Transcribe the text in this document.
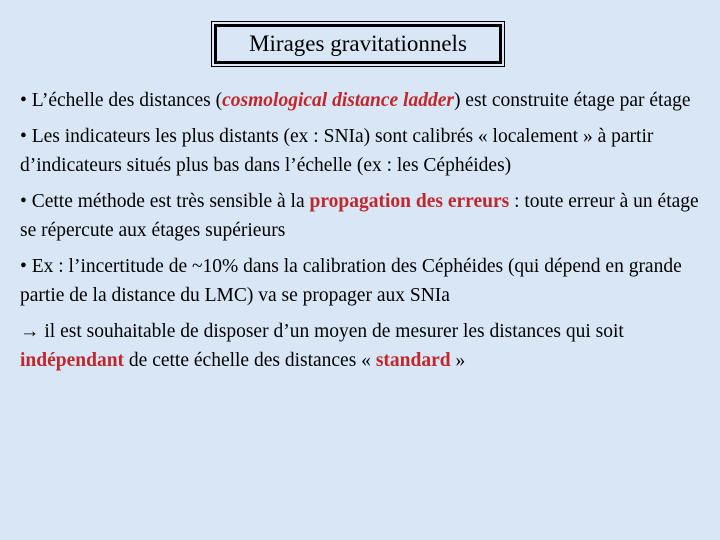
Mirages gravitationnels

• L’échelle des distances (cosmological distance ladder) est construite étage par étage

• Les indicateurs les plus distants (ex : SNIa) sont calibrés « localement » à partir d’indicateurs situés plus bas dans l’échelle (ex : les Céphéides)

• Cette méthode est très sensible à la propagation des erreurs : toute erreur à un étage se répercute aux étages supérieurs

• Ex : l’incertitude de ~10% dans la calibration des Céphéides (qui dépend en grande partie de la distance du LMC) va se propager aux SNIa

→ il est souhaitable de disposer d’un moyen de mesurer les distances qui soit indépendant de cette échelle des distances « standard »
